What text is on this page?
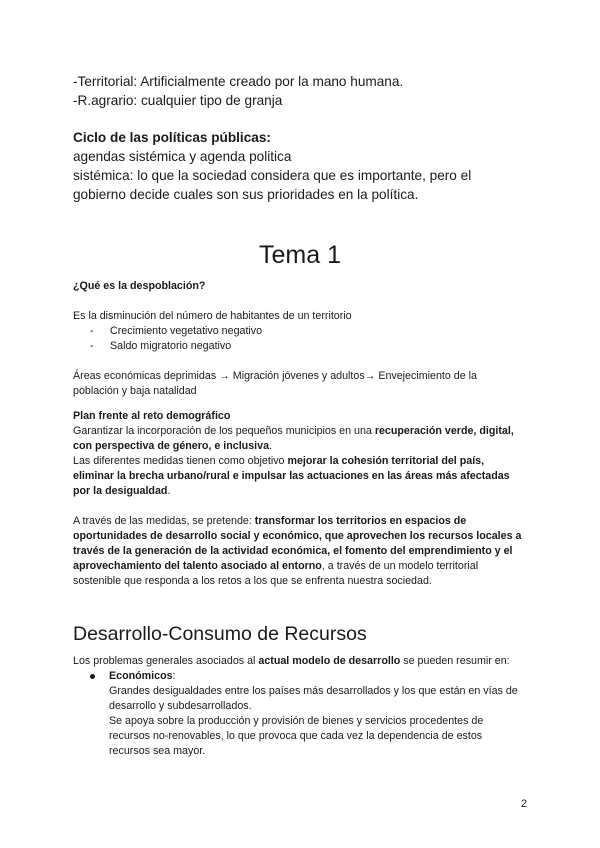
-Territorial: Artificialmente creado por la mano humana.

-R.agrario: cualquier tipo de granja

Ciclo de las políticas públicas:

agendas sistémica y agenda politica

sistémica: lo que la sociedad considera que es importante, pero el gobierno decide cuales son sus prioridades en la política.

Tema 1

¿Qué es la despoblación?

Es la disminución del número de habitantes de un territorio

- Crecimiento vegetativo negativo
- Saldo migratorio negativo

Áreas económicas deprimidas → Migración jóvenes y adultos→ Envejecimiento de la población y baja natalidad

Plan frente al reto demográfico

Garantizar la incorporación de los pequeños municipios en una recuperación verde, digital, con perspectiva de género, e inclusiva.

Las diferentes medidas tienen como objetivo mejorar la cohesión territorial del país, eliminar la brecha urbano/rural e impulsar las actuaciones en las áreas más afectadas por la desigualdad.

A través de las medidas, se pretende: transformar los territorios en espacios de oportunidades de desarrollo social y económico, que aprovechen los recursos locales a través de la generación de la actividad económica, el fomento del emprendimiento y el aprovechamiento del talento asociado al entorno, a través de un modelo territorial sostenible que responda a los retos a los que se enfrenta nuestra sociedad.

Desarrollo-Consumo de Recursos

Los problemas generales asociados al actual modelo de desarrollo se pueden resumir en:

Económicos:

Grandes desigualdades entre los países más desarrollados y los que están en vías de desarrollo y subdesarrollados.

Se apoya sobre la producción y provisión de bienes y servicios procedentes de recursos no-renovables, lo que provoca que cada vez la dependencia de estos recursos sea mayor.

2
